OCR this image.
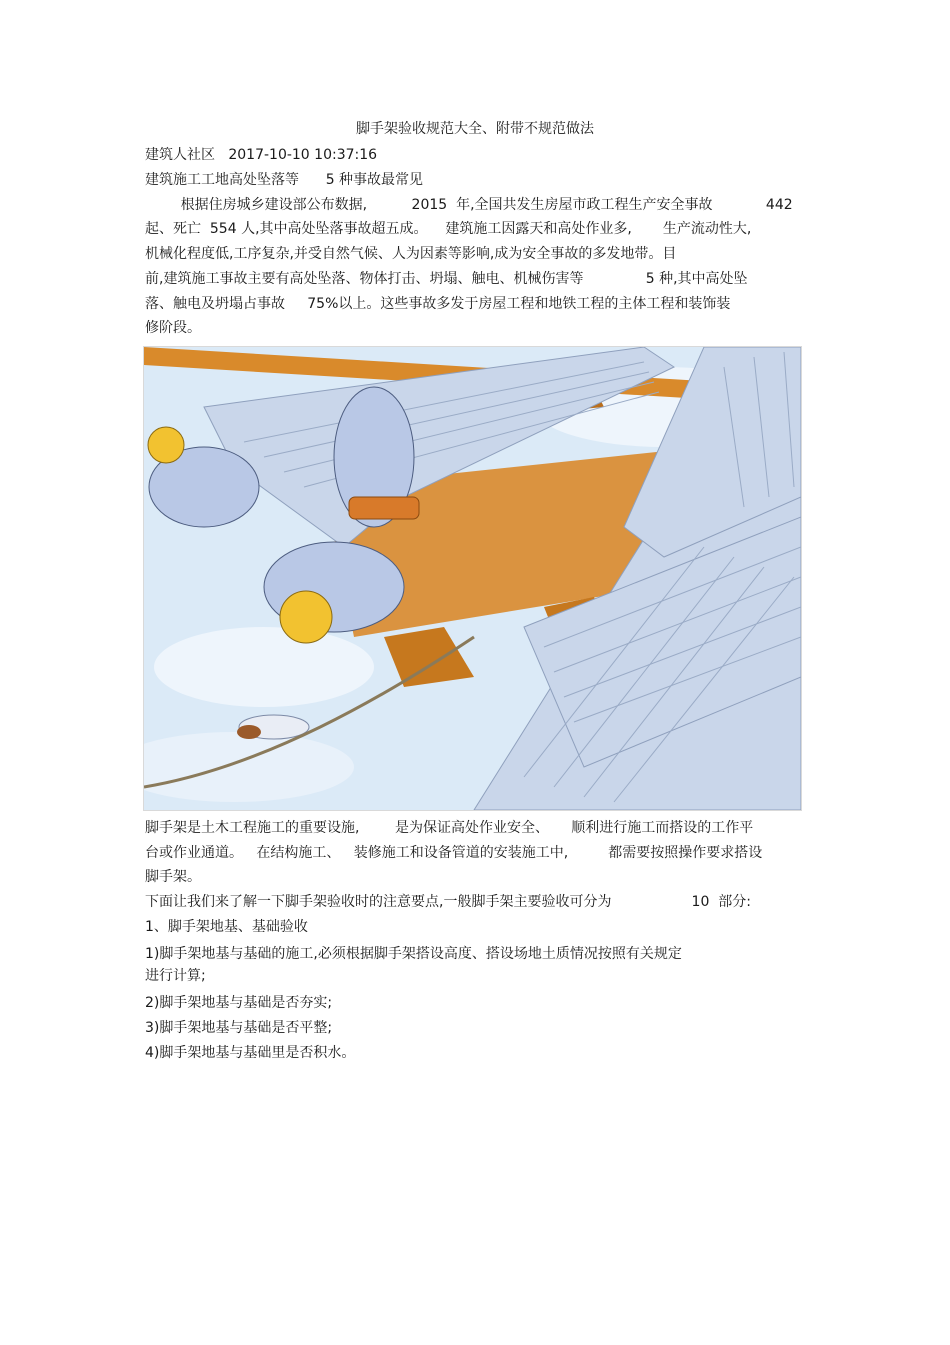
脚手架验收规范大全、附带不规范做法
建筑人社区   2017-10-10 10:37:16
建筑施工工地高处坠落等      5 种事故最常见
根据住房城乡建设部公布数据,          2015  年,全国共发生房屋市政工程生产安全事故            442
起、死亡  554 人,其中高处坠落事故超五成。    建筑施工因露天和高处作业多,       生产流动性大,
机械化程度低,工序复杂,并受自然气候、人为因素等影响,成为安全事故的多发地带。目
前,建筑施工事故主要有高处坠落、物体打击、坍塌、触电、机械伤害等              5 种,其中高处坠
落、触电及坍塌占事故     75%以上。这些事故多发于房屋工程和地铁工程的主体工程和装饰装
修阶段。
脚手架是土木工程施工的重要设施,        是为保证高处作业安全、     顺利进行施工而搭设的工作平
台或作业通道。   在结构施工、   装修施工和设备管道的安装施工中,         都需要按照操作要求搭设
脚手架。
下面让我们来了解一下脚手架验收时的注意要点,一般脚手架主要验收可分为                  10  部分:
1、脚手架地基、基础验收
1)脚手架地基与基础的施工,必须根据脚手架搭设高度、搭设场地土质情况按照有关规定
进行计算;
2)脚手架地基与基础是否夯实;
3)脚手架地基与基础是否平整;
4)脚手架地基与基础里是否积水。
